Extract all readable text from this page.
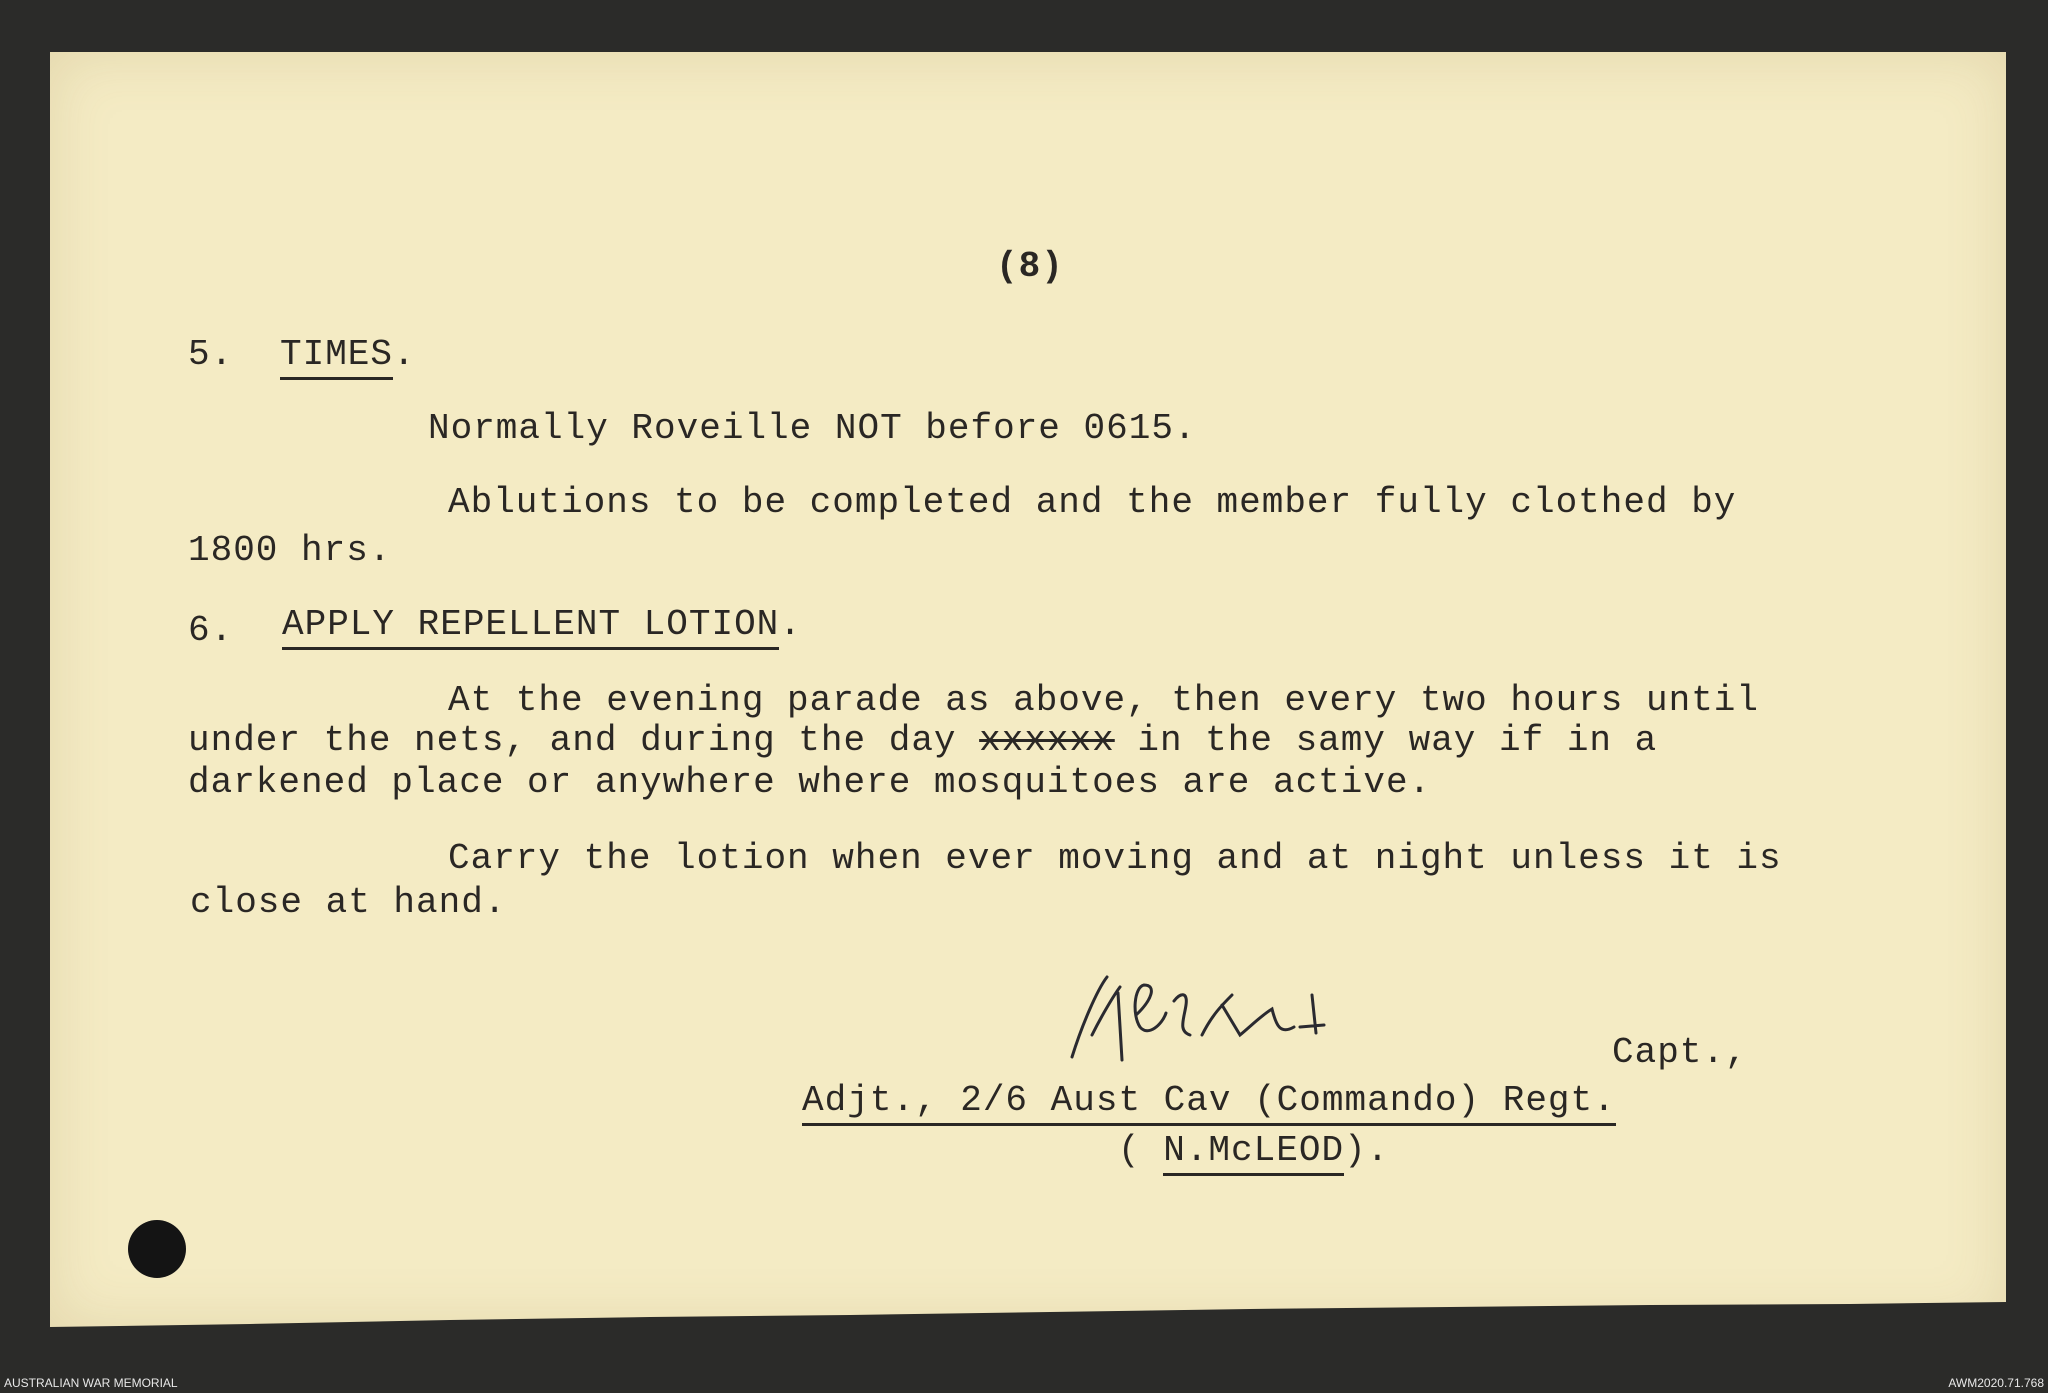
(8)
5. TIMES.
Normally Roveille NOT before 0615.
Ablutions to be completed and the member fully clothed by
1800 hrs.
6. APPLY REPELLENT LOTION.
At the evening parade as above, then every two hours until
under the nets, and during the day xxxxxx in the samy way if in a
darkened place or anywhere where mosquitoes are active.
Carry the lotion when ever moving and at night unless it is
close at hand.
Capt.,
Adjt., 2/6 Aust Cav (Commando) Regt.
( N.McLEOD).
AUSTRALIAN WAR MEMORIAL	AWM2020.71.768
